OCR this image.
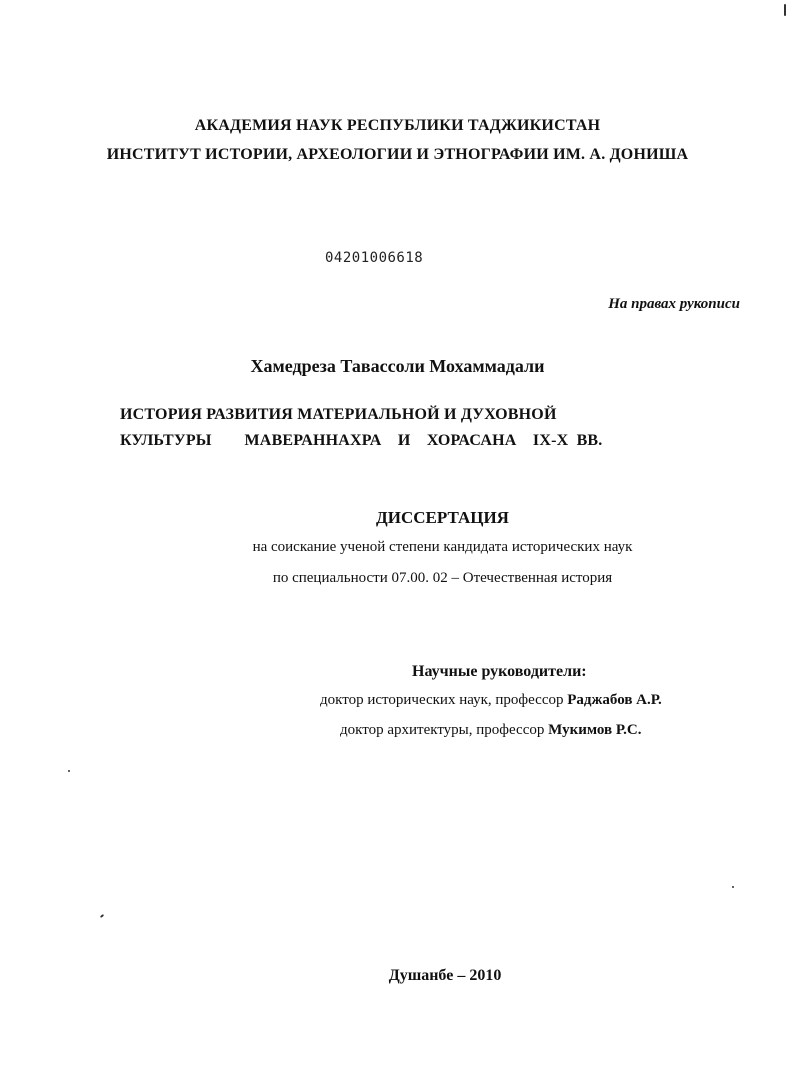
АКАДЕМИЯ НАУК РЕСПУБЛИКИ ТАДЖИКИСТАН
ИНСТИТУТ ИСТОРИИ, АРХЕОЛОГИИ И ЭТНОГРАФИИ ИМ. А. ДОНИША
04201006618
На правах рукописи
Хамедреза Тавассоли Мохаммадали
ИСТОРИЯ РАЗВИТИЯ МАТЕРИАЛЬНОЙ И ДУХОВНОЙ
КУЛЬТУРЫ    МАВЕРАННАХРА  И  ХОРАСАНА  IX-X ВВ.
ДИССЕРТАЦИЯ
на соискание ученой степени кандидата исторических наук
по специальности 07.00. 02 – Отечественная история
Научные руководители:
доктор исторических наук, профессор Раджабов А.Р.
доктор архитектуры, профессор Мукимов Р.С.
Душанбе – 2010
